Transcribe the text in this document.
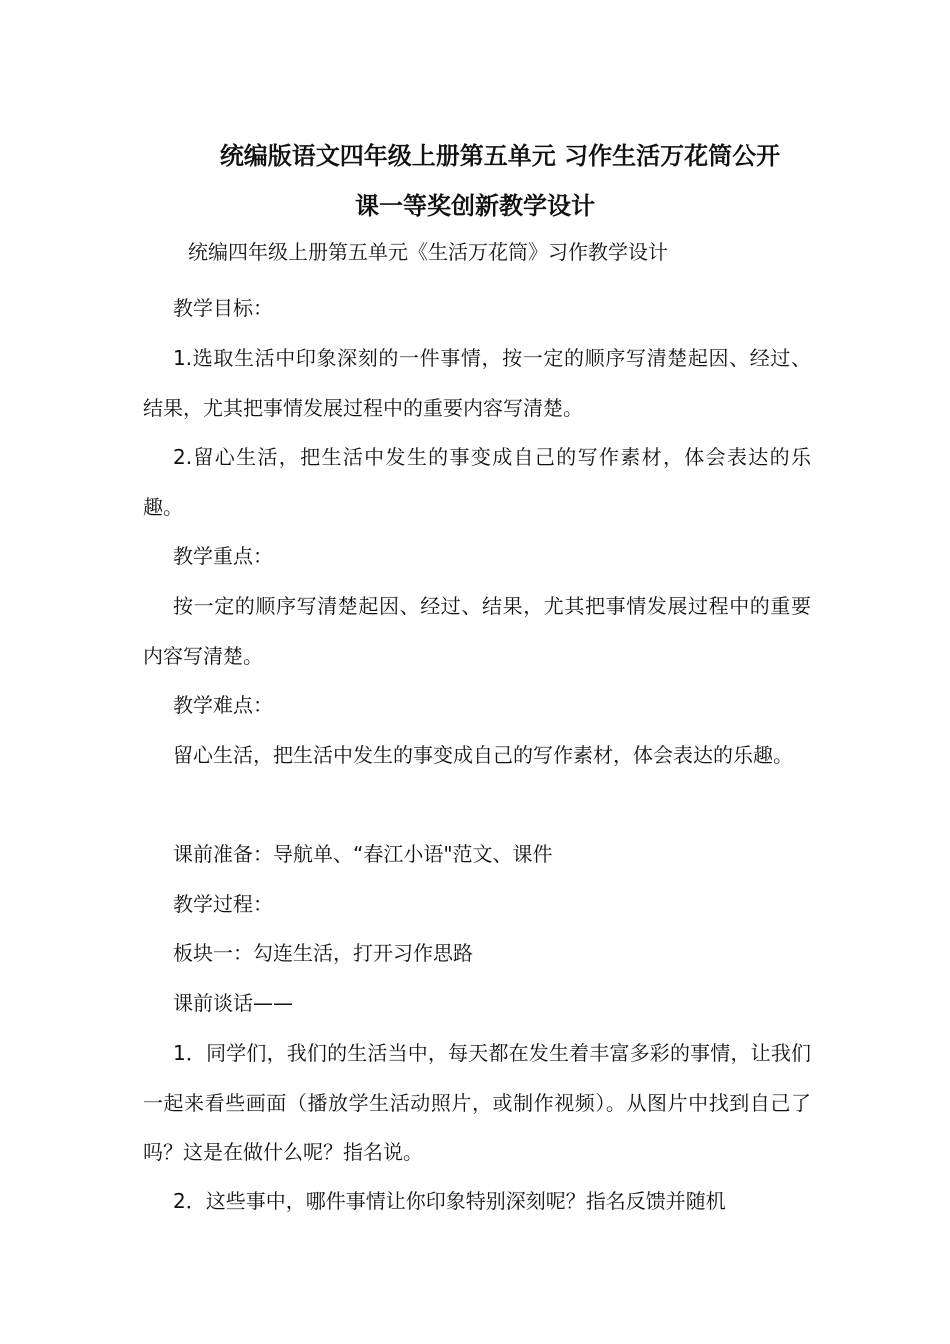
统编版语文四年级上册第五单元 习作生活万花筒公开
课一等奖创新教学设计
统编四年级上册第五单元《生活万花筒》习作教学设计

教学目标：

1.选取生活中印象深刻的一件事情，按一定的顺序写清楚起因、经过、结果，尤其把事情发展过程中的重要内容写清楚。

2.留心生活，把生活中发生的事变成自己的写作素材，体会表达的乐趣。

教学重点：

按一定的顺序写清楚起因、经过、结果，尤其把事情发展过程中的重要内容写清楚。

教学难点：

留心生活，把生活中发生的事变成自己的写作素材，体会表达的乐趣。

课前准备：导航单、“春江小语"范文、课件

教学过程：

板块一：勾连生活，打开习作思路

课前谈话——

1．同学们，我们的生活当中，每天都在发生着丰富多彩的事情，让我们一起来看些画面（播放学生活动照片，或制作视频）。从图片中找到自己了吗？这是在做什么呢？指名说。

2．这些事中，哪件事情让你印象特别深刻呢？指名反馈并随机
